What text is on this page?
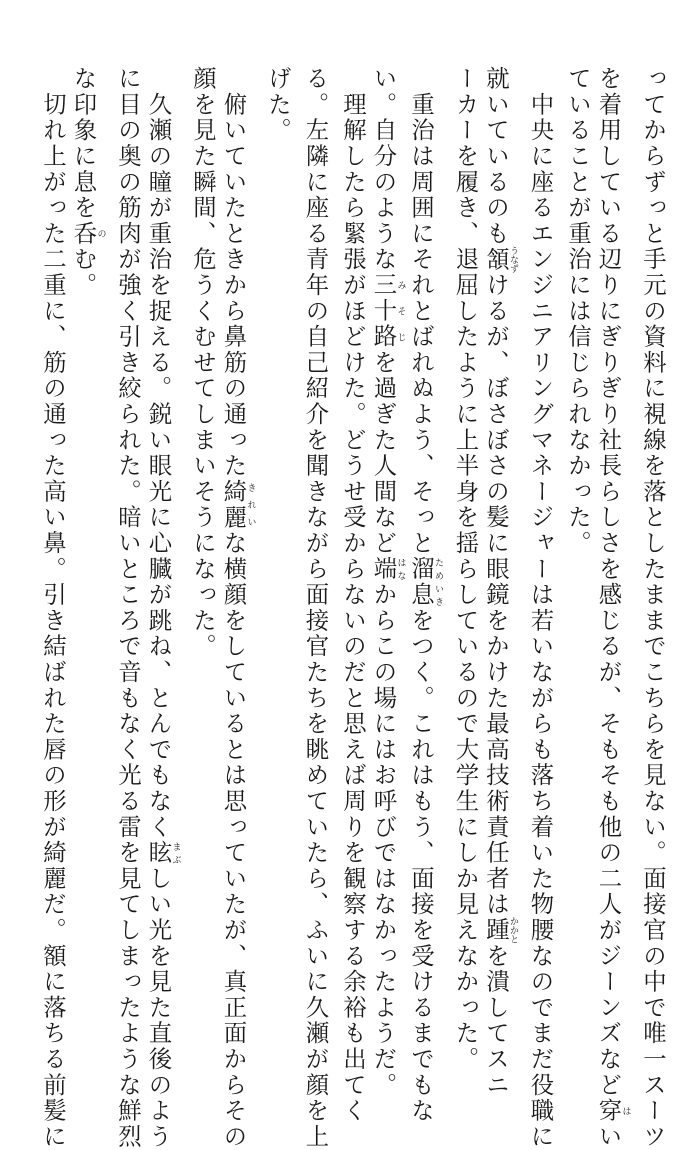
ってからずっと手元の資料に視線を落としたままでこちらを見ない。面接官の中で唯一スーツ
を着用している辺りにぎりぎり社長らしさを感じるが、そもそも他の二人がジーンズなど穿はい
ていることが重治には信じられなかった。
　中央に座るエンジニアリングマネージャーは若いながらも落ち着いた物腰なのでまだ役職に
就いているのも頷うなずけるが、ぼさぼさの髪に眼鏡をかけた最高技術責任者は踵かかとを潰してスニ
ーカーを履き、退屈したように上半身を揺らしているので大学生にしか見えなかった。
　重治は周囲にそれとばれぬよう、そっと溜息ためいきをつく。これはもう、面接を受けるまでもな
い。自分のような三十路みそじを過ぎた人間など端はなからこの場にはお呼びではなかったようだ。
　理解したら緊張がほどけた。どうせ受からないのだと思えば周りを観察する余裕も出てく
る。左隣に座る青年の自己紹介を聞きながら面接官たちを眺めていたら、ふいに久瀬が顔を上
げた。
　俯いていたときから鼻筋の通った綺麗きれいな横顔をしているとは思っていたが、真正面からその
顔を見た瞬間、危うくむせてしまいそうになった。
　久瀬の瞳が重治を捉える。鋭い眼光に心臓が跳ね、とんでもなく眩まぶしい光を見た直後のよう
に目の奥の筋肉が強く引き絞られた。暗いところで音もなく光る雷を見てしまったような鮮烈
な印象に息を呑のむ。
　切れ上がった二重に、筋の通った高い鼻。引き結ばれた唇の形が綺麗だ。額に落ちる前髪に
